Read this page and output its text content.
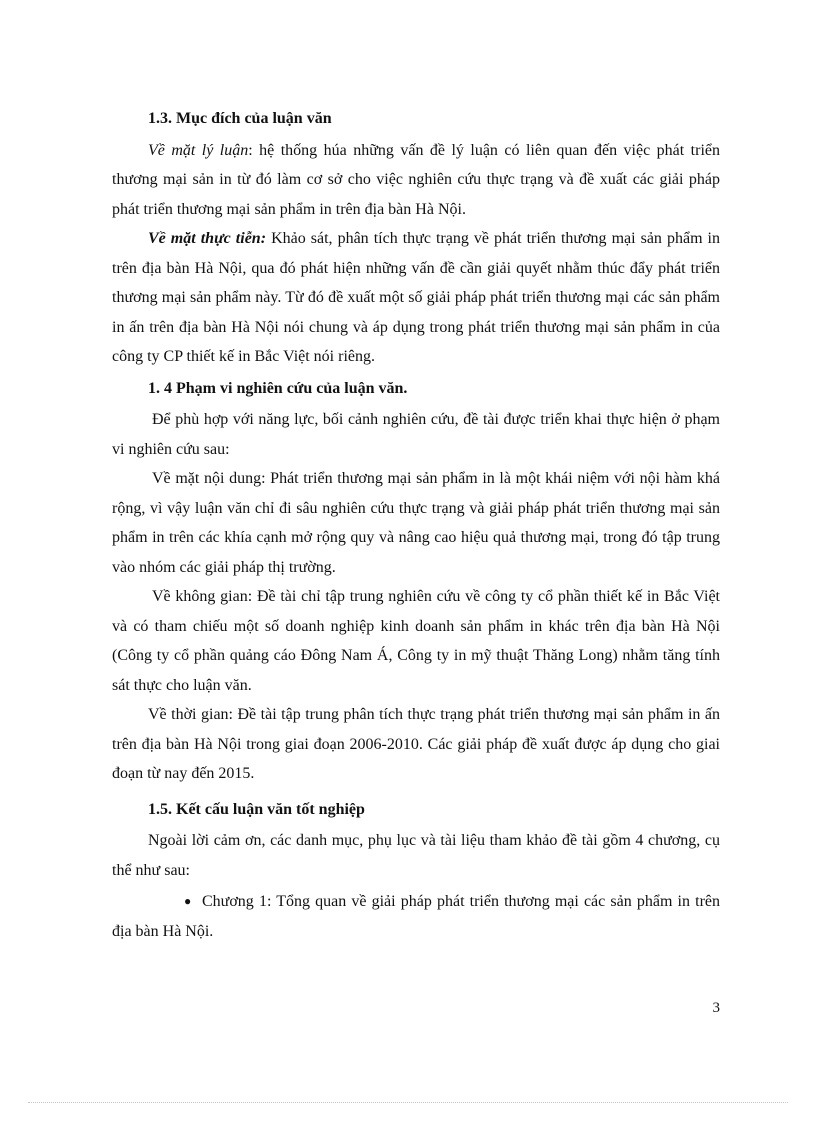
1.3. Mục đích của luận văn

Về mặt lý luận: hệ thống húa những vấn đề lý luận có liên quan đến việc phát triển thương mại sản in từ đó làm cơ sở cho việc nghiên cứu thực trạng và đề xuất các giải pháp phát triển thương mại sản phẩm in trên địa bàn Hà Nội.

Về mặt thực tiễn: Khảo sát, phân tích thực trạng về phát triển thương mại sản phẩm in trên địa bàn Hà Nội, qua đó phát hiện những vấn đề cần giải quyết nhằm thúc đẩy phát triển thương mại sản phẩm này. Từ đó đề xuất một số giải pháp phát triển thương mại các sản phẩm in ấn trên địa bàn Hà Nội nói chung và áp dụng trong phát triển thương mại sản phẩm in của công ty CP thiết kế in Bắc Việt nói riêng.

1. 4 Phạm vi nghiên cứu của luận văn.

Để phù hợp với năng lực, bối cảnh nghiên cứu, đề tài được triển khai thực hiện ở phạm vi nghiên cứu sau:

Về mặt nội dung: Phát triển thương mại sản phẩm in là một khái niệm với nội hàm khá rộng, vì vậy luận văn chỉ đi sâu nghiên cứu thực trạng và giải pháp phát triển thương mại sản phẩm in trên các khía cạnh mở rộng quy và nâng cao hiệu quả thương mại, trong đó tập trung vào nhóm các giải pháp thị trường.

Về không gian: Đề tài chỉ tập trung nghiên cứu về công ty cổ phần thiết kế in Bắc Việt và có tham chiếu một số doanh nghiệp kinh doanh sản phẩm in khác trên địa bàn Hà Nội (Công ty cổ phần quảng cáo Đông Nam Á, Công ty in mỹ thuật Thăng Long) nhằm tăng tính sát thực cho luận văn.

Về thời gian: Đề tài tập trung phân tích thực trạng phát triển thương mại sản phẩm in ấn trên địa bàn Hà Nội trong giai đoạn 2006-2010. Các giải pháp đề xuất được áp dụng cho giai đoạn từ nay đến 2015.

1.5. Kết cấu luận văn tốt nghiệp

Ngoài lời cảm ơn, các danh mục, phụ lục và tài liệu tham khảo đề tài gồm 4 chương, cụ thể như sau:

● Chương 1: Tổng quan về giải pháp phát triển thương mại các sản phẩm in trên địa bàn Hà Nội.
3
